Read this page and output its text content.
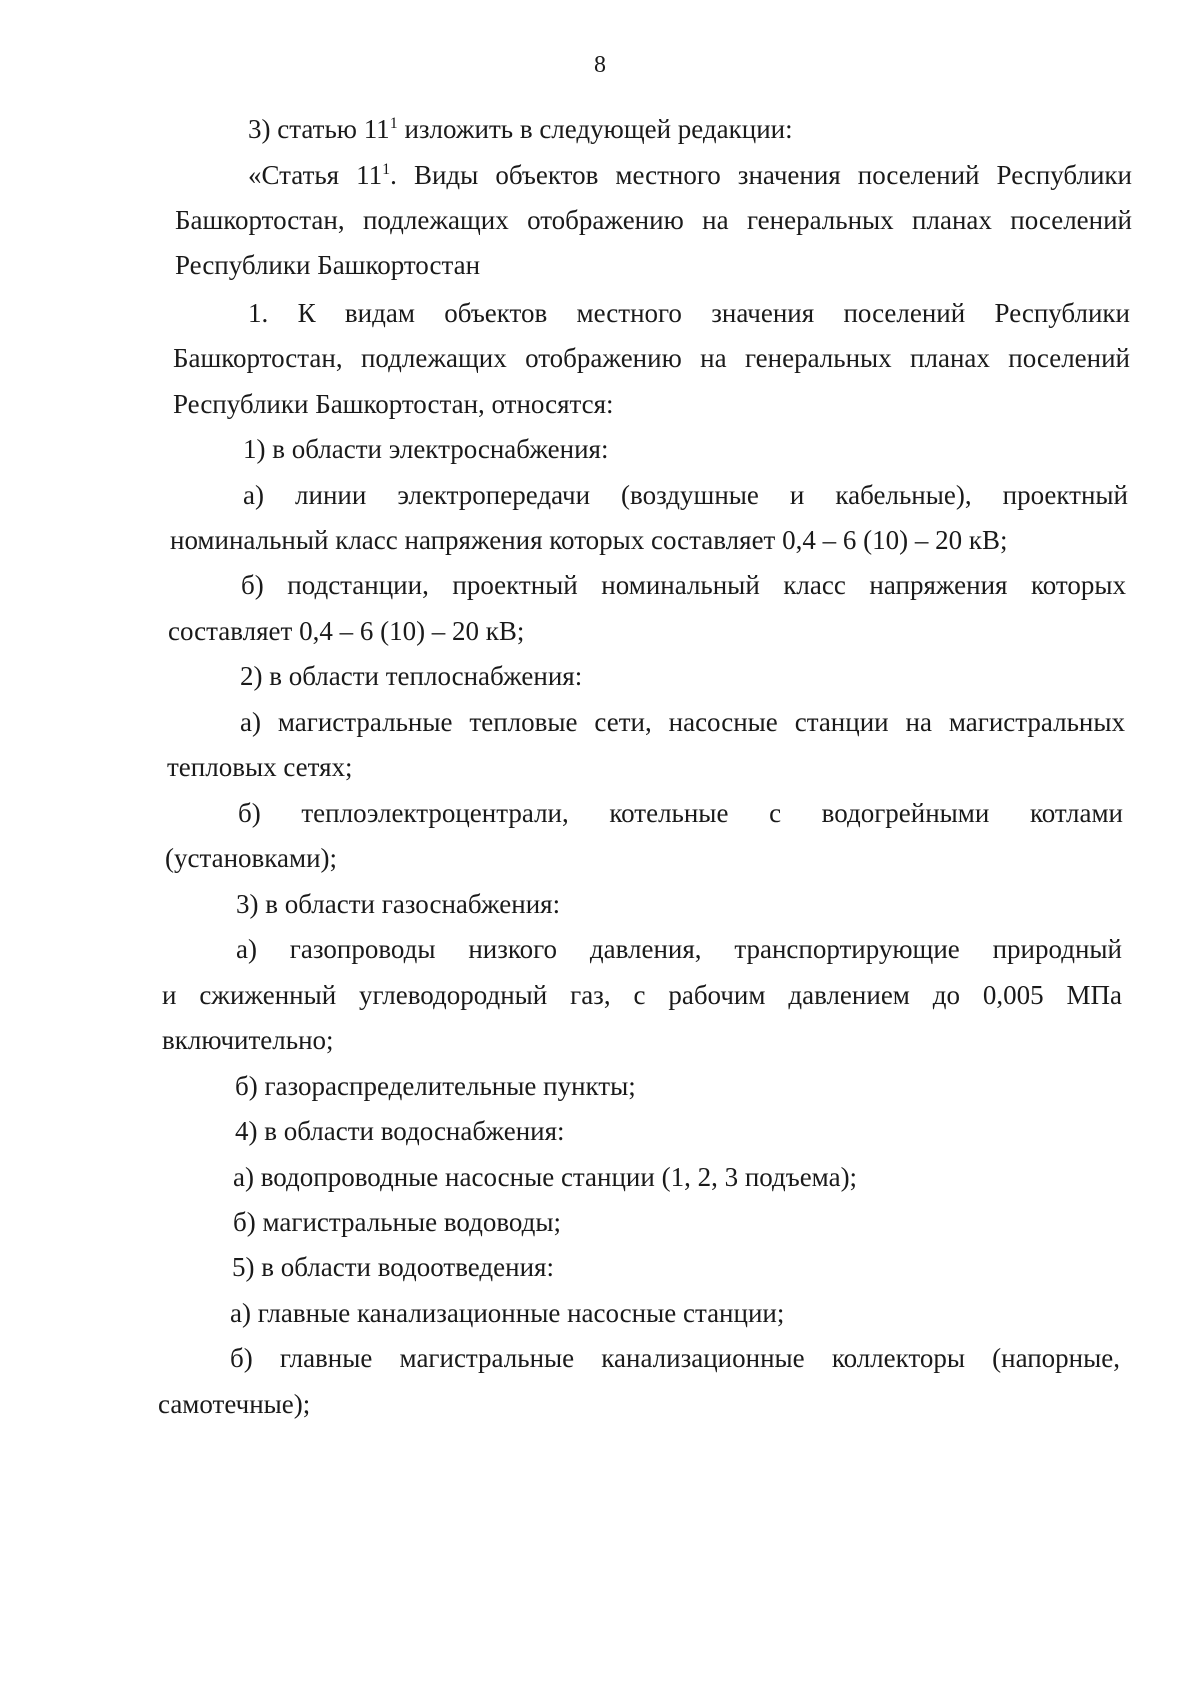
8
3) статью $11^1$ изложить в следующей редакции:
«Статья $11^1$. Виды объектов местного значения поселений Республики
Башкортостан, подлежащих отображению на генеральных планах поселений
Республики Башкортостан
1. К видам объектов местного значения поселений Республики
Башкортостан, подлежащих отображению на генеральных планах поселений
Республики Башкортостан, относятся:
1) в области электроснабжения:
а) линии электропередачи (воздушные и кабельные), проектный
номинальный класс напряжения которых составляет 0,4 – 6 (10) – 20 кВ;
б) подстанции, проектный номинальный класс напряжения которых
составляет 0,4 – 6 (10) – 20 кВ;
2) в области теплоснабжения:
а) магистральные тепловые сети, насосные станции на магистральных
тепловых сетях;
б) теплоэлектроцентрали, котельные с водогрейными котлами
(установками);
3) в области газоснабжения:
а) газопроводы низкого давления, транспортирующие природный
и сжиженный углеводородный газ, с рабочим давлением до 0,005 МПа
включительно;
б) газораспределительные пункты;
4) в области водоснабжения:
а) водопроводные насосные станции (1, 2, 3 подъема);
б) магистральные водоводы;
5) в области водоотведения:
а) главные канализационные насосные станции;
б) главные магистральные канализационные коллекторы (напорные,
самотечные);
